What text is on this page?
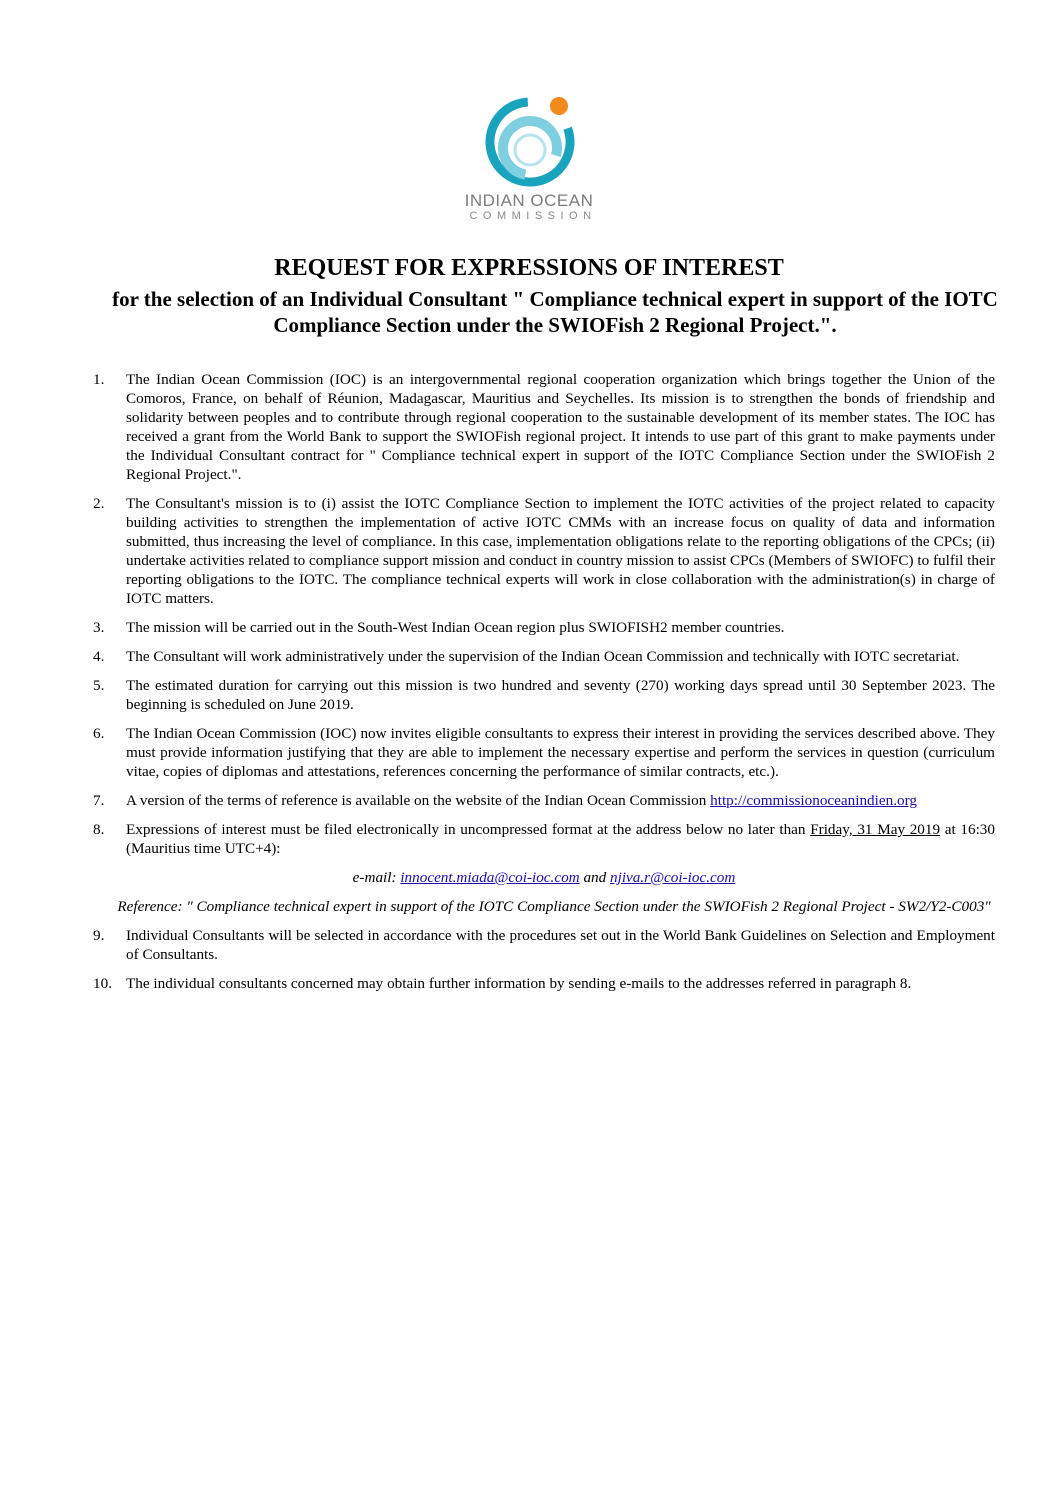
INDIAN OCEAN
COMMISSION
REQUEST FOR EXPRESSIONS OF INTEREST
for the selection of an Individual Consultant " Compliance technical expert in support of the IOTC Compliance Section under the SWIOFish 2 Regional Project.".
1. The Indian Ocean Commission (IOC) is an intergovernmental regional cooperation organization which brings together the Union of the Comoros, France, on behalf of Réunion, Madagascar, Mauritius and Seychelles. Its mission is to strengthen the bonds of friendship and solidarity between peoples and to contribute through regional cooperation to the sustainable development of its member states. The IOC has received a grant from the World Bank to support the SWIOFish regional project. It intends to use part of this grant to make payments under the Individual Consultant contract for " Compliance technical expert in support of the IOTC Compliance Section under the SWIOFish 2 Regional Project.".
2. The Consultant's mission is to (i) assist the IOTC Compliance Section to implement the IOTC activities of the project related to capacity building activities to strengthen the implementation of active IOTC CMMs with an increase focus on quality of data and information submitted, thus increasing the level of compliance. In this case, implementation obligations relate to the reporting obligations of the CPCs; (ii) undertake activities related to compliance support mission and conduct in country mission to assist CPCs (Members of SWIOFC) to fulfil their reporting obligations to the IOTC. The compliance technical experts will work in close collaboration with the administration(s) in charge of IOTC matters.
3. The mission will be carried out in the South-West Indian Ocean region plus SWIOFISH2 member countries.
4. The Consultant will work administratively under the supervision of the Indian Ocean Commission and technically with IOTC secretariat.
5. The estimated duration for carrying out this mission is two hundred and seventy (270) working days spread until 30 September 2023. The beginning is scheduled on June 2019.
6. The Indian Ocean Commission (IOC) now invites eligible consultants to express their interest in providing the services described above. They must provide information justifying that they are able to implement the necessary expertise and perform the services in question (curriculum vitae, copies of diplomas and attestations, references concerning the performance of similar contracts, etc.).
7. A version of the terms of reference is available on the website of the Indian Ocean Commission http://commissionoceanindien.org
8. Expressions of interest must be filed electronically in uncompressed format at the address below no later than Friday, 31 May 2019 at 16:30 (Mauritius time UTC+4):
e-mail: innocent.miada@coi-ioc.com and njiva.r@coi-ioc.com
Reference: " Compliance technical expert in support of the IOTC Compliance Section under the SWIOFish 2 Regional Project - SW2/Y2-C003"
9. Individual Consultants will be selected in accordance with the procedures set out in the World Bank Guidelines on Selection and Employment of Consultants.
10. The individual consultants concerned may obtain further information by sending e-mails to the addresses referred in paragraph 8.
